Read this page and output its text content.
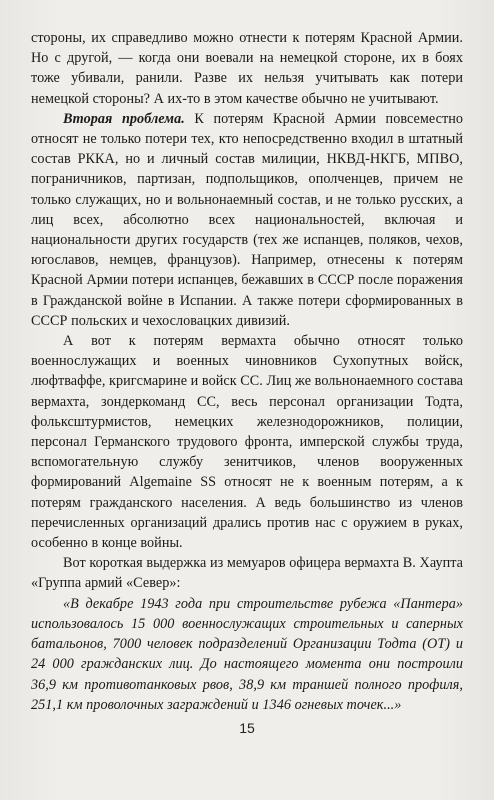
стороны, их справедливо можно отнести к потерям Красной Армии. Но с другой, — когда они воевали на немецкой стороне, их в боях тоже убивали, ранили. Разве их нельзя учитывать как потери немецкой стороны? А их-то в этом качестве обычно не учитывают.

Вторая проблема. К потерям Красной Армии повсеместно относят не только потери тех, кто непосредственно входил в штатный состав РККА, но и личный состав милиции, НКВД-НКГБ, МПВО, пограничников, партизан, подпольщиков, ополченцев, причем не только служащих, но и вольнонаемный состав, и не только русских, а лиц всех, абсолютно всех национальностей, включая и национальности других государств (тех же испанцев, поляков, чехов, югославов, немцев, французов). Например, отнесены к потерям Красной Армии потери испанцев, бежавших в СССР после поражения в Гражданской войне в Испании. А также потери сформированных в СССР польских и чехословацких дивизий.

А вот к потерям вермахта обычно относят только военнослужащих и военных чиновников Сухопутных войск, люфтваффе, кригсмарине и войск СС. Лиц же вольнонаемного состава вермахта, зондеркоманд СС, весь персонал организации Тодта, фольксштурмистов, немецких железнодорожников, полиции, персонал Германского трудового фронта, имперской службы труда, вспомогательную службу зенитчиков, членов вооруженных формирований Algemaine SS относят не к военным потерям, а к потерям гражданского населения. А ведь большинство из членов перечисленных организаций дрались против нас с оружием в руках, особенно в конце войны.

Вот короткая выдержка из мемуаров офицера вермахта В. Хаупта «Группа армий «Север»:

«В декабре 1943 года при строительстве рубежа «Пантера» использовалось 15 000 военнослужащих строительных и саперных батальонов, 7000 человек подразделений Организации Тодта (ОТ) и 24 000 гражданских лиц. До настоящего момента они построили 36,9 км противотанковых рвов, 38,9 км траншей полного профиля, 251,1 км проволочных заграждений и 1346 огневых точек...»

15
